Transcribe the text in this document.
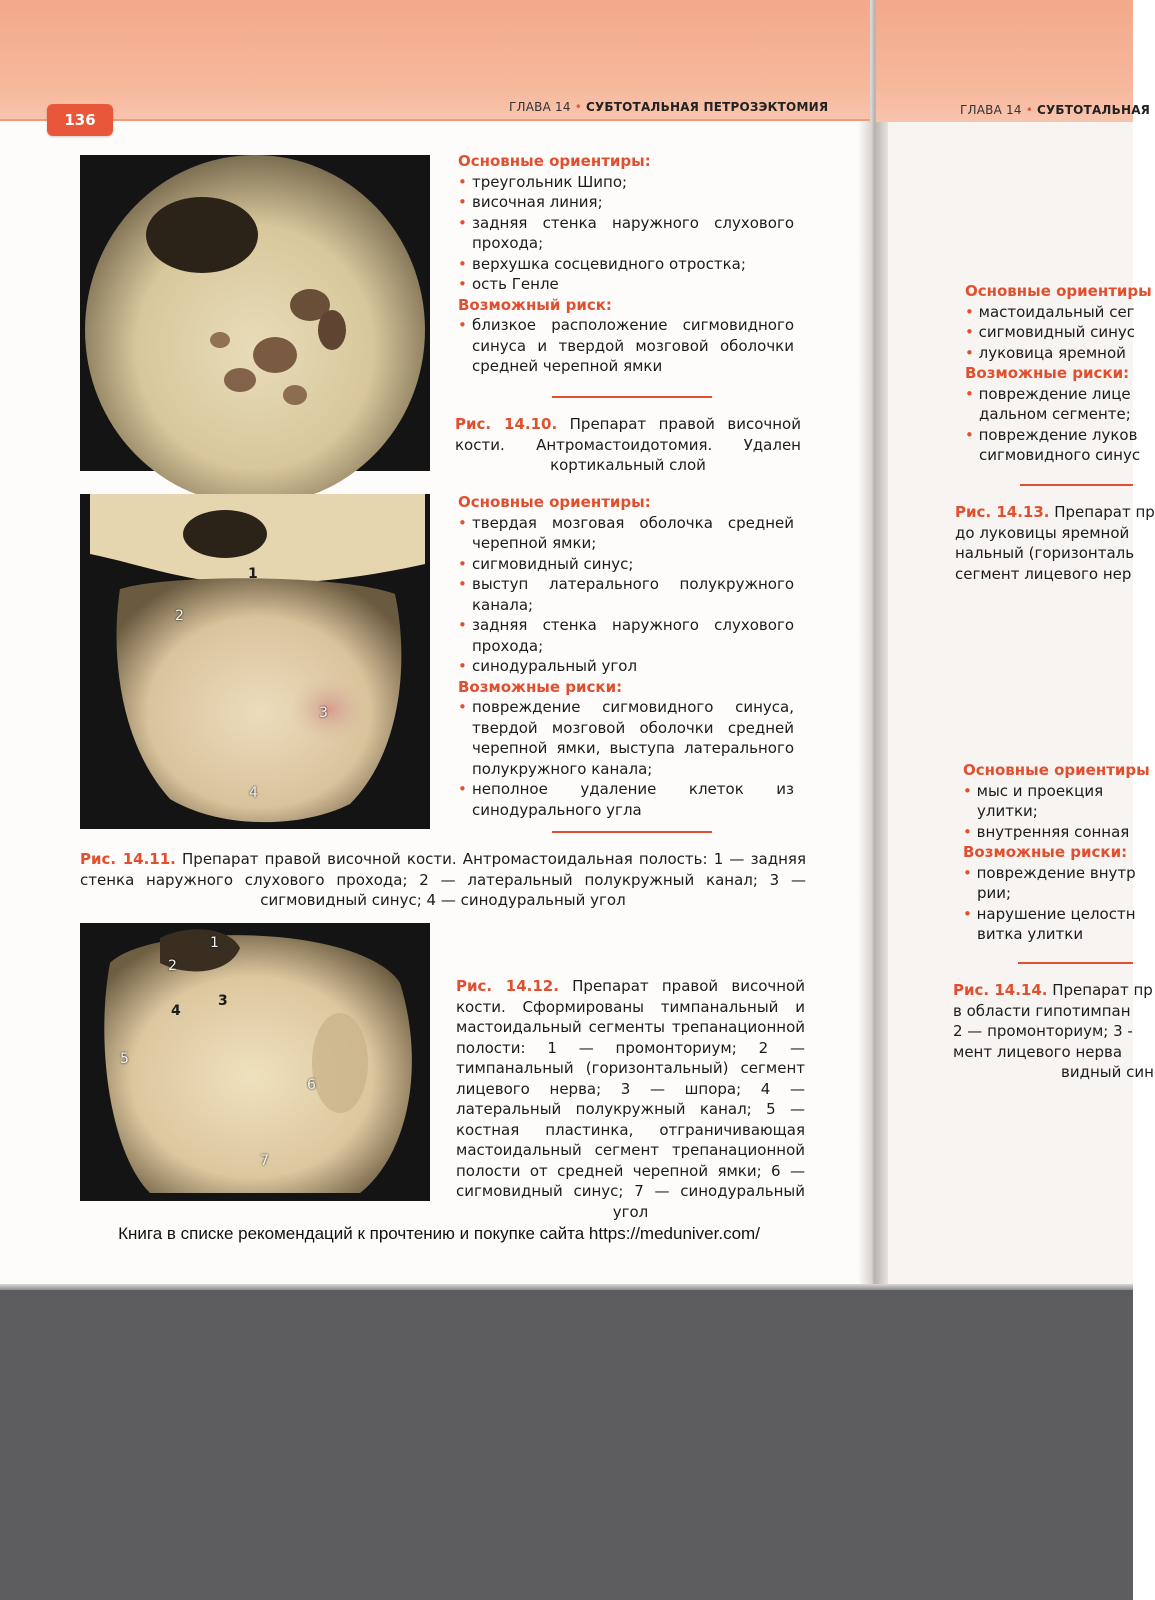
136
ГЛАВА 14 • СУБТОТАЛЬНАЯ ПЕТРОЗЭКТОМИЯ	ГЛАВА 14 • СУБТОТАЛЬНАЯ
Основные ориентиры:
• треугольник Шипо;
• височная линия;
• задняя стенка наружного слухового прохода;
• верхушка сосцевидного отростка;
• ость Генле
Возможный риск:
• близкое расположение сигмовидного синуса и твердой мозговой оболочки средней черепной ямки
Рис. 14.10. Препарат правой височной кости. Антромастоидотомия. Удален кортикальный слой
1
2
3
4
Основные ориентиры:
• твердая мозговая оболочка средней черепной ямки;
• сигмовидный синус;
• выступ латерального полукружного канала;
• задняя стенка наружного слухового прохода;
• синодуральный угол
Возможные риски:
• повреждение сигмовидного синуса, твердой мозговой оболочки средней черепной ямки, выступа латерального полукружного канала;
• неполное удаление клеток из синодурального угла
Рис. 14.11. Препарат правой височной кости. Антромастоидальная полость: 1 — задняя стенка наружного слухового прохода; 2 — латеральный полукружный канал; 3 — сигмовидный синус; 4 — синодуральный угол
1
2
3
4
5
6
7
Рис. 14.12. Препарат правой височной кости. Сформированы тимпанальный и мастоидальный сегменты трепанационной полости: 1 — промонториум; 2 — тимпанальный (горизонтальный) сегмент лицевого нерва; 3 — шпора; 4 — латеральный полукружный канал; 5 — костная пластинка, отграничивающая мастоидальный сегмент трепанационной полости от средней черепной ямки; 6 — сигмовидный синус; 7 — синодуральный угол
Книга в списке рекомендаций к прочтению и покупке сайта https://meduniver.com/
Основные ориентиры
• мастоидальный сег
• сигмовидный синус
• луковица яремной
Возможные риски:
• повреждение лице
дальном сегменте;
• повреждение луков
сигмовидного синус
Рис. 14.13. Препарат пр
до луковицы яремной
нальный (горизонталь
сегмент лицевого нер
Основные ориентиры
• мыс и проекция
улитки;
• внутренняя сонная
Возможные риски:
• повреждение внутр
рии;
• нарушение целостн
витка улитки
Рис. 14.14. Препарат пр
в области гипотимпан
2 — промонториум; 3 -
мент лицевого нерва
видный син
